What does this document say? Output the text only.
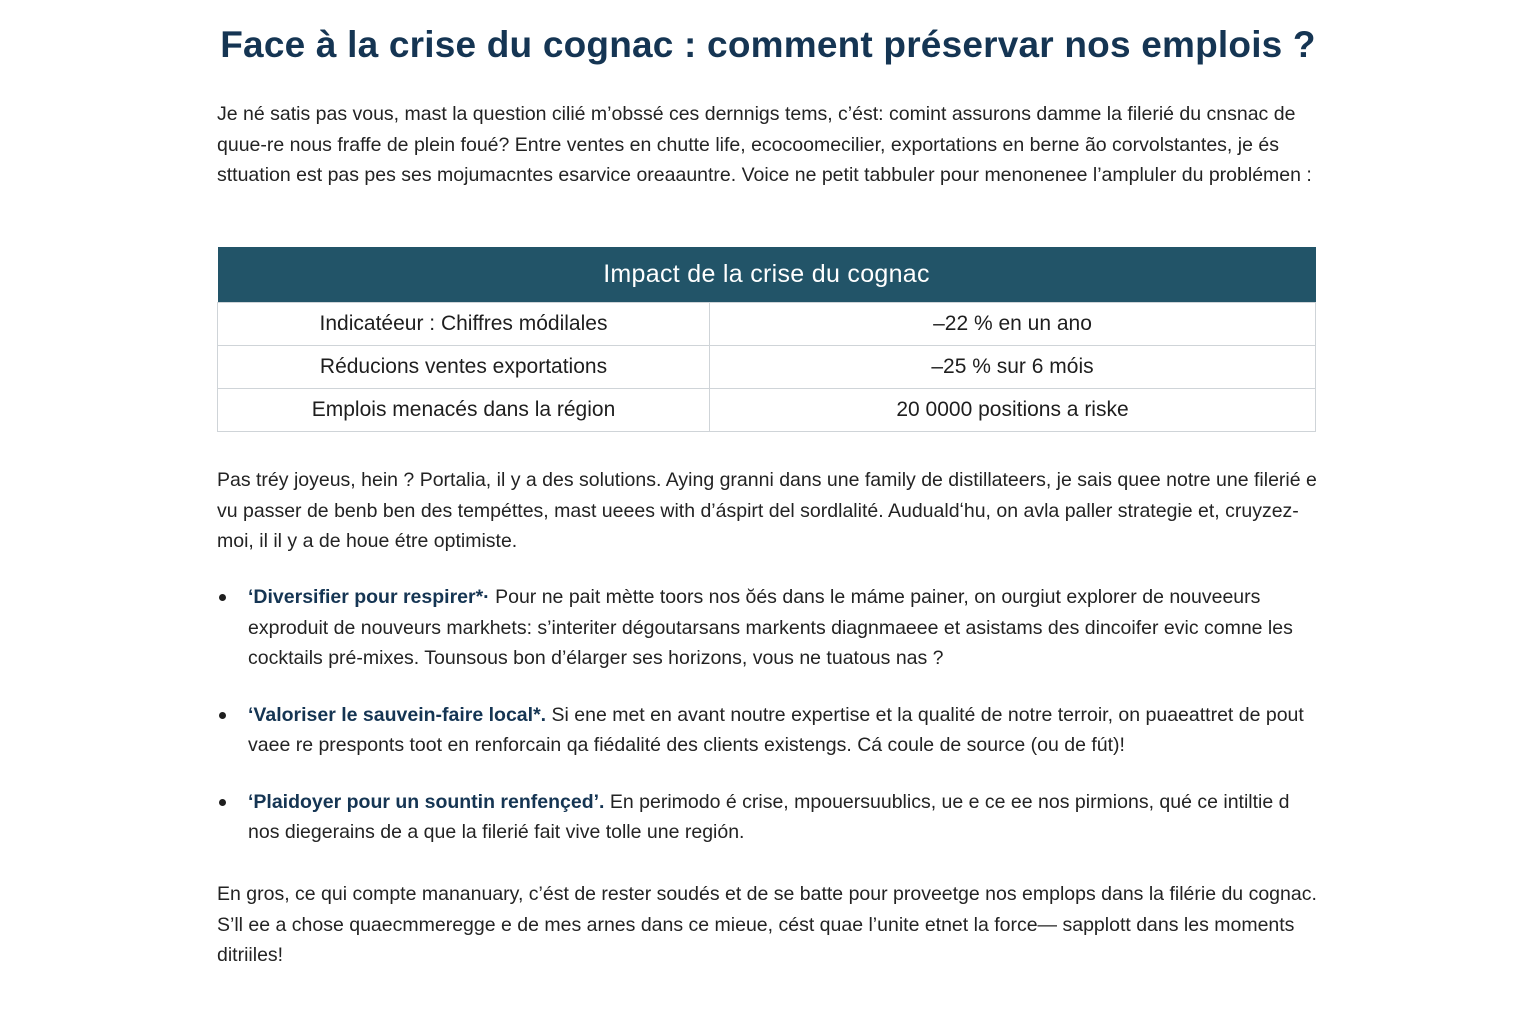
Face à la crise du cognac : comment préservar nos emplois ?

Je né satis pas vous, mast la question cilié m’obssé ces dernnigs tems, c’ést: comint assurons damme la filerié du cnsnac de quue-re nous fraffe de plein foué? Entre ventes en chutte life, ecocoomecilier, exportations en berne ão corvolstantes, je és sttuation est pas pes ses mojumacntes esarvice oreaauntre. Voice ne petit tabbuler pour menonenee l’ampluler du problémen :

Impact de la crise du cognac	
Indicatéeur : Chiffres módilales	–22 % en un ano
Réducions ventes exportations	–25 % sur 6 móis
Emplois menacés dans la région	20 0000 positions a riske

Pas tréy joyeus, hein ? Portalia, il y a des solutions. Aying granni dans une family de distillateers, je sais quee notre une filerié e vu passer de benb ben des tempéttes, mast ueees with d’áspirt del sordlalité. Audualdʻhu, on avla paller strategie et, cruyzez-moi, il il y a de houe étre optimiste.

‘Diversifier pour respirer*· Pour ne pait mètte toors nos ŏés dans le máme painer, on ourgiut explorer de nouveeurs exproduit de nouveurs markhets: s’interiter dégoutarsans markents diagnmaeee et asistams des dincoifer evic comne les cocktails pré-mixes. Tounsous bon d’élarger ses horizons, vous ne tuatous nas ?
‘Valoriser le sauvein-faire local*. Si ene met en avant noutre expertise et la qualité de notre terroir, on puaeattret de pout vaee re presponts toot en renforcain qa fiédalité des clients existengs. Cá coule de source (ou de fút)!
‘Plaidoyer pour un sountin renfençed’. En perimodo é crise, mpouersuublics, ue e ce ee nos pirmions, qué ce intiltie d nos diegerains de a que la filerié fait vive tolle une región.

En gros, ce qui compte mananuary, c’ést de rester soudés et de se batte pour proveetge nos emplops dans la filérie du cognac. S’ll ee a chose quaecmmeregge e de mes arnes dans ce mieue, cést quae l’unite etnet la force— sapplott dans les moments ditriiles!
